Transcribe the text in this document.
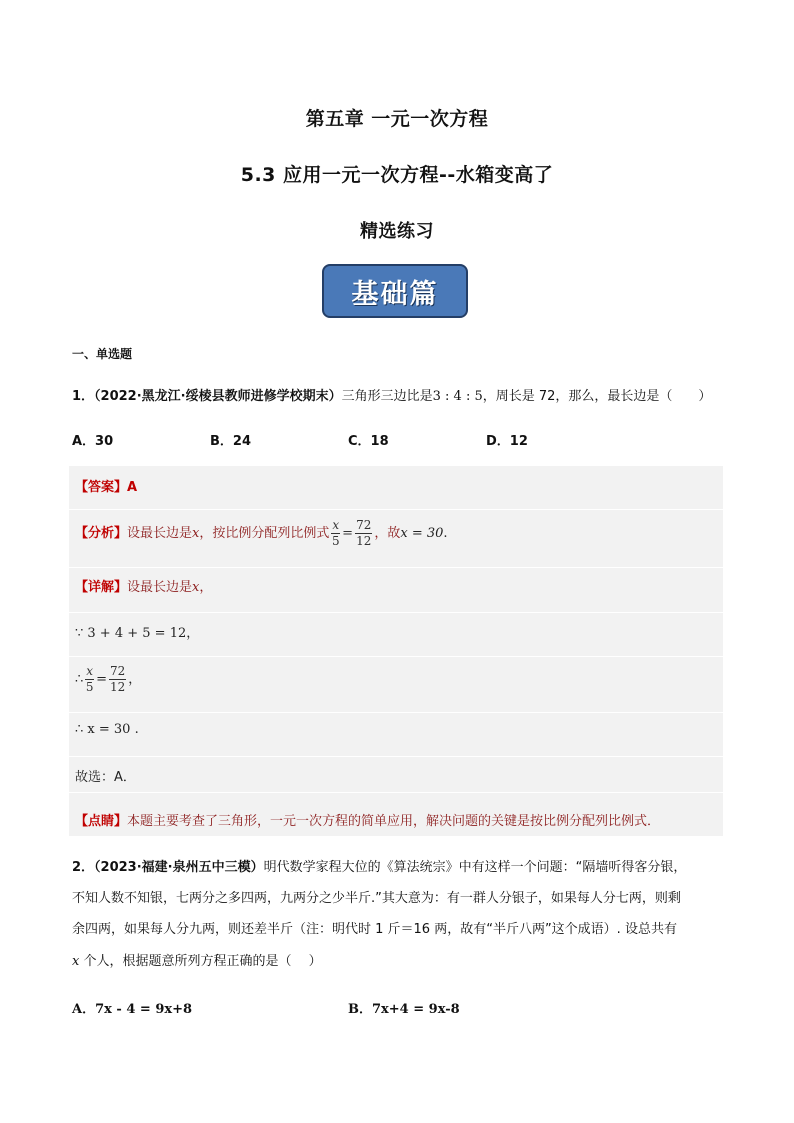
第五章 一元一次方程
5.3 应用一元一次方程--水箱变高了
精选练习
基础篇
一、单选题
1．（2022·黑龙江·绥棱县教师进修学校期末）三角形三边比是3 : 4 : 5，周长是 72，那么，最长边是（　　）
A．30	B．24	C．18	D．12
【答案】A
【分析】设最长边是x，按比例分配列比例式 $\frac{x}{5} = \frac{72}{12}$ ，故x = 30.
【详解】设最长边是x，
∵ 3 + 4 + 5 = 12，
∴ $\frac{x}{5} = \frac{72}{12}$ ，
∴ x = 30 .
故选：A．
【点睛】本题主要考查了三角形，一元一次方程的简单应用，解决问题的关键是按比例分配列比例式．
2．（2023·福建·泉州五中三模）明代数学家程大位的《算法统宗》中有这样一个问题：“隔墙听得客分银，
不知人数不知银，七两分之多四两，九两分之少半斤.”其大意为：有一群人分银子，如果每人分七两，则剩
余四两，如果每人分九两，则还差半斤（注：明代时 1 斤＝16 两，故有“半斤八两”这个成语）. 设总共有
x 个人，根据题意所列方程正确的是（　 ）
A．7x - 4 = 9x+8	B．7x+4 = 9x-8
